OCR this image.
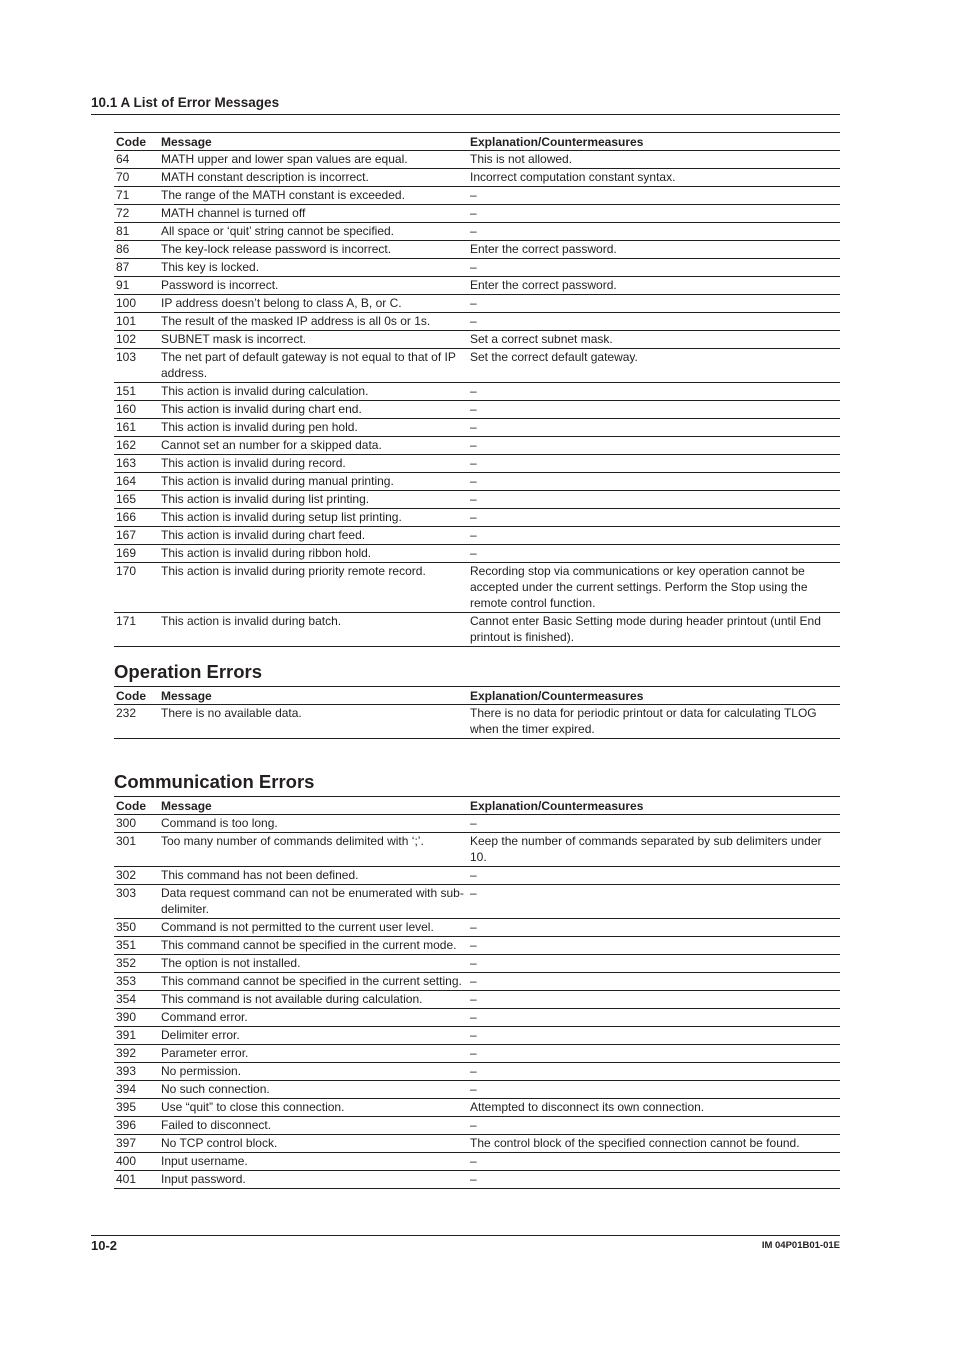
10.1 A List of Error Messages
Code	Message	Explanation/Countermeasures
64	MATH upper and lower span values are equal.	This is not allowed.
70	MATH constant description is incorrect.	Incorrect computation constant syntax.
71	The range of the MATH constant is exceeded.	–
72	MATH channel is turned off	–
81	All space or ‘quit’ string cannot be specified.	–
86	The key-lock release password is incorrect.	Enter the correct password.
87	This key is locked.	–
91	Password is incorrect.	Enter the correct password.
100	IP address doesn’t belong to class A, B, or C.	–
101	The result of the masked IP address is all 0s or 1s.	–
102	SUBNET mask is incorrect.	Set a correct subnet mask.
103	The net part of default gateway is not equal to that of IP address.	Set the correct default gateway.
151	This action is invalid during calculation.	–
160	This action is invalid during chart end.	–
161	This action is invalid during pen hold.	–
162	Cannot set an number for a skipped data.	–
163	This action is invalid during record.	–
164	This action is invalid during manual printing.	–
165	This action is invalid during list printing.	–
166	This action is invalid during setup list printing.	–
167	This action is invalid during chart feed.	–
169	This action is invalid during ribbon hold.	–
170	This action is invalid during priority remote record.	Recording stop via communications or key operation cannot be accepted under the current settings. Perform the Stop using the remote control function.
171	This action is invalid during batch.	Cannot enter Basic Setting mode during header printout (until End printout is finished).
Operation Errors
Code	Message	Explanation/Countermeasures
232	There is no available data.	There is no data for periodic printout or data for calculating TLOG when the timer expired.
Communication Errors
Code	Message	Explanation/Countermeasures
300	Command is too long.	–
301	Too many number of commands delimited with ‘;’.	Keep the number of commands separated by sub delimiters under 10.
302	This command has not been defined.	–
303	Data request command can not be enumerated with sub-delimiter.	–
350	Command is not permitted to the current user level.	–
351	This command cannot be specified in the current mode.	–
352	The option is not installed.	–
353	This command cannot be specified in the current setting.	–
354	This command is not available during calculation.	–
390	Command error.	–
391	Delimiter error.	–
392	Parameter error.	–
393	No permission.	–
394	No such connection.	–
395	Use “quit” to close this connection.	Attempted to disconnect its own connection.
396	Failed to disconnect.	–
397	No TCP control block.	The control block of the specified connection cannot be found.
400	Input username.	–
401	Input password.	–
10-2	IM 04P01B01-01E
